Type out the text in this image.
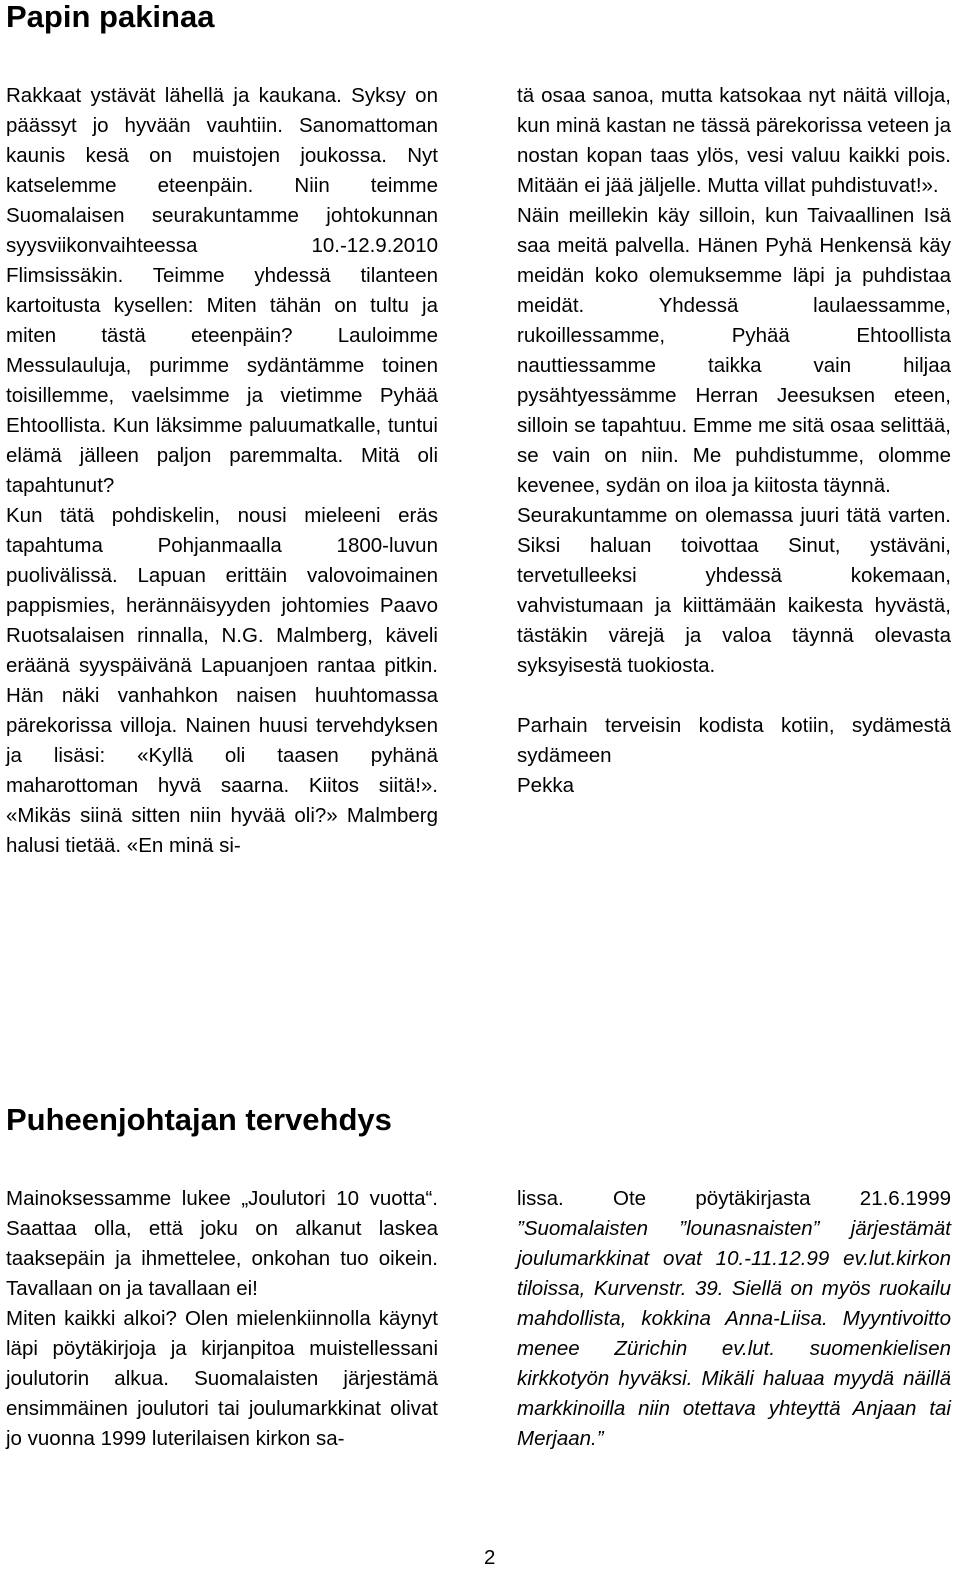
Papin pakinaa

Rakkaat ystävät lähellä ja kaukana. Syksy on päässyt jo hyvään vauhtiin. Sanomattoman kaunis kesä on muistojen joukossa. Nyt katselemme eteenpäin. Niin teimme Suomalaisen seurakuntamme johtokunnan syysviikonvaihteessa 10.-12.9.2010 Flimsissäkin. Teimme yhdessä tilanteen kartoitusta kysellen: Miten tähän on tultu ja miten tästä eteenpäin? Lauloimme Messulauluja, purimme sydäntämme toinen toisillemme, vaelsimme ja vietimme Pyhää Ehtoollista. Kun läksimme paluumatkalle, tuntui elämä jälleen paljon paremmalta. Mitä oli tapahtunut?

Kun tätä pohdiskelin, nousi mieleeni eräs tapahtuma Pohjanmaalla 1800-luvun puolivälissä. Lapuan erittäin valovoimainen pappismies, herännäisyyden johtomies Paavo Ruotsalaisen rinnalla, N.G. Malmberg, käveli eräänä syyspäivänä Lapuanjoen rantaa pitkin. Hän näki vanhahkon naisen huuhtomassa pärekorissa villoja. Nainen huusi tervehdyksen ja lisäsi: «Kyllä oli taasen pyhänä maharottoman hyvä saarna. Kiitos siitä!». «Mikäs siinä sitten niin hyvää oli?» Malmberg halusi tietää. «En minä si-

tä osaa sanoa, mutta katsokaa nyt näitä villoja, kun minä kastan ne tässä pärekorissa veteen ja nostan kopan taas ylös, vesi valuu kaikki pois. Mitään ei jää jäljelle. Mutta villat puhdistuvat!».

Näin meillekin käy silloin, kun Taivaallinen Isä saa meitä palvella. Hänen Pyhä Henkensä käy meidän koko olemuksemme läpi ja puhdistaa meidät. Yhdessä laulaessamme, rukoillessamme, Pyhää Ehtoollista nauttiessamme taikka vain hiljaa pysähtyessämme Herran Jeesuksen eteen, silloin se tapahtuu. Emme me sitä osaa selittää, se vain on niin. Me puhdistumme, olomme kevenee, sydän on iloa ja kiitosta täynnä.

Seurakuntamme on olemassa juuri tätä varten. Siksi haluan toivottaa Sinut, ystäväni, tervetulleeksi yhdessä kokemaan, vahvistumaan ja kiittämään kaikesta hyvästä, tästäkin värejä ja valoa täynnä olevasta syksyisestä tuokiosta.

Parhain terveisin kodista kotiin, sydämestä sydämeen

Pekka

Puheenjohtajan tervehdys

Mainoksessamme lukee „Joulutori 10 vuotta“. Saattaa olla, että joku on alkanut laskea taaksepäin ja ihmettelee, onkohan tuo oikein. Tavallaan on ja tavallaan ei!

Miten kaikki alkoi? Olen mielenkiinnolla käynyt läpi pöytäkirjoja ja kirjanpitoa muistellessani joulutorin alkua. Suomalaisten järjestämä ensimmäinen joulutori tai joulumarkkinat olivat jo vuonna 1999 luterilaisen kirkon sa-

lissa. Ote pöytäkirjasta 21.6.1999 ”Suomalaisten ”lounasnaisten” järjestämät joulumarkkinat ovat 10.-11.12.99 ev.lut.kirkon tiloissa, Kurvenstr. 39. Siellä on myös ruokailu mahdollista, kokkina Anna-Liisa. Myyntivoitto menee Zürichin ev.lut. suomenkielisen kirkkotyön hyväksi. Mikäli haluaa myydä näillä markkinoilla niin otettava yhteyttä Anjaan tai Merjaan.”

2
